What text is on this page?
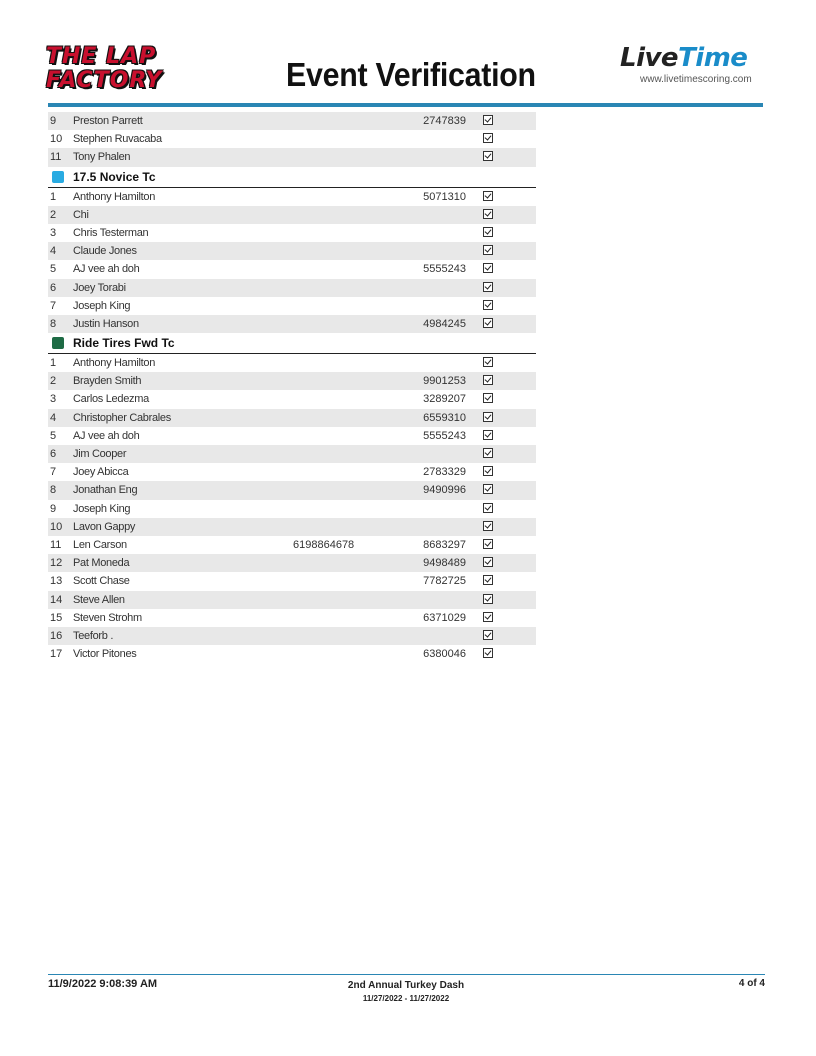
THE LAP
FACTORY	Event Verification	LiveTime
www.livetimescoring.com
9 Preston Parrett	2747839
10 Stephen Ruvacaba
11 Tony Phalen
17.5 Novice Tc
1 Anthony Hamilton	5071310
2 Chi
3 Chris Testerman
4 Claude Jones
5 AJ vee ah doh	5555243
6 Joey Torabi
7 Joseph King
8 Justin Hanson	4984245
Ride Tires Fwd Tc
1 Anthony Hamilton
2 Brayden Smith	9901253
3 Carlos Ledezma	3289207
4 Christopher Cabrales	6559310
5 AJ vee ah doh	5555243
6 Jim Cooper
7 Joey Abicca	2783329
8 Jonathan Eng	9490996
9 Joseph King
10 Lavon Gappy
11 Len Carson	6198864678	8683297
12 Pat Moneda	9498489
13 Scott Chase	7782725
14 Steve Allen
15 Steven Strohm	6371029
16 Teeforb .
17 Victor Pitones	6380046
11/9/2022 9:08:39 AM	2nd Annual Turkey Dash
11/27/2022 - 11/27/2022
4 of 4
